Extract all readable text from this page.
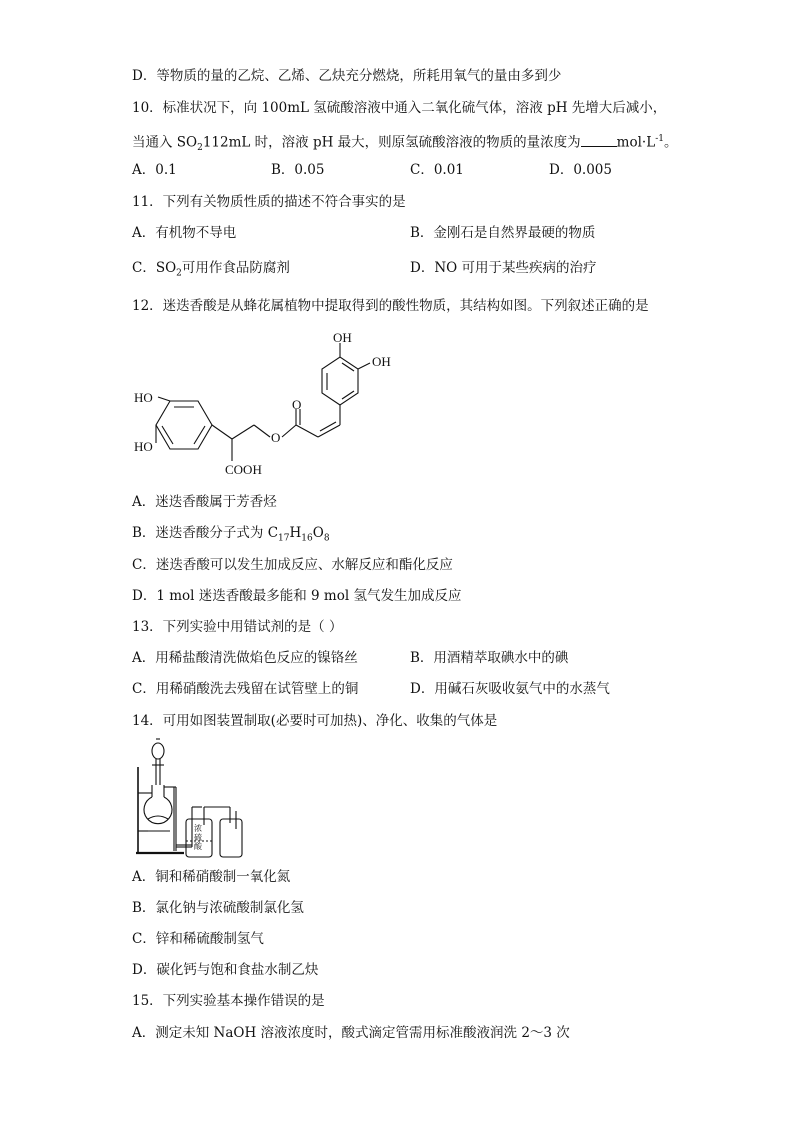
D．等物质的量的乙烷、乙烯、乙炔充分燃烧，所耗用氧气的量由多到少
10．标准状况下，向 100mL 氢硫酸溶液中通入二氧化硫气体，溶液 pH 先增大后减小，
当通入 $SO_2112mL$ 时，溶液 pH 最大，则原氢硫酸溶液的物质的量浓度为	$mol\cdot L^{-1}$。
A．0.1	B．0.05	C．0.01	D．0.005
11．下列有关物质性质的描述不符合事实的是
A．有机物不导电	B．金刚石是自然界最硬的物质
C．$SO_2$可用作食品防腐剂	D．NO 可用于某些疾病的治疗
12．迷迭香酸是从蜂花属植物中提取得到的酸性物质，其结构如图。下列叙述正确的是
OH
OH
HO
HO
COOH
O
O
A．迷迭香酸属于芳香烃
B．迷迭香酸分子式为 $C_{17}H_{16}O_8$
C．迷迭香酸可以发生加成反应、水解反应和酯化反应
D．1 mol 迷迭香酸最多能和 9 mol 氢气发生加成反应
13．下列实验中用错试剂的是（ ）
A．用稀盐酸清洗做焰色反应的镍铬丝	B．用酒精萃取碘水中的碘
C．用稀硝酸洗去残留在试管壁上的铜	D．用碱石灰吸收氨气中的水蒸气
14．可用如图装置制取(必要时可加热)、净化、收集的气体是
浓
硫
酸
A．铜和稀硝酸制一氧化氮
B．氯化钠与浓硫酸制氯化氢
C．锌和稀硫酸制氢气
D．碳化钙与饱和食盐水制乙炔
15．下列实验基本操作错误的是
A．测定未知 NaOH 溶液浓度时，酸式滴定管需用标准酸液润洗 2～3 次
